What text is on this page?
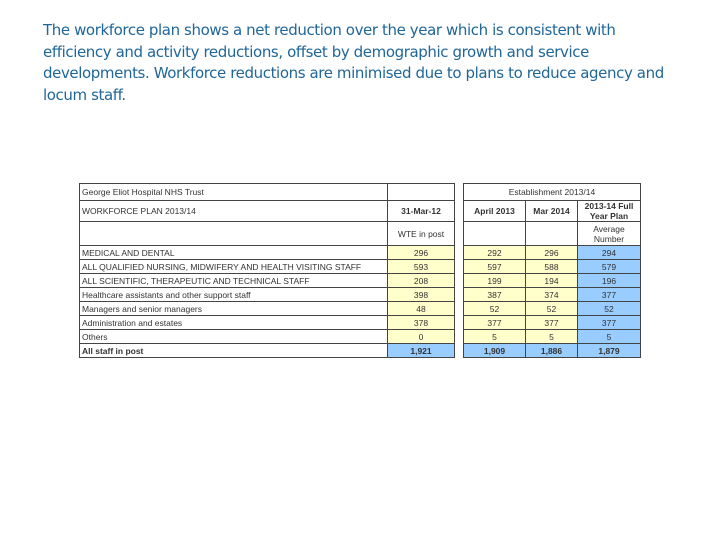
The workforce plan shows a net reduction over the year which is consistent with efficiency and activity reductions, offset by demographic growth and service developments. Workforce reductions are minimised due to plans to reduce agency and locum staff.
George Eliot Hospital NHS Trust			Establishment 2013/14		
WORKFORCE PLAN 2013/14	31-Mar-12		April 2013	Mar 2014	2013-14 Full Year Plan
	WTE in post				Average Number
MEDICAL AND DENTAL	296		292	296	294
ALL QUALIFIED NURSING, MIDWIFERY AND HEALTH VISITING STAFF	593		597	588	579
ALL SCIENTIFIC, THERAPEUTIC AND TECHNICAL STAFF	208		199	194	196
Healthcare assistants and other support staff	398		387	374	377
Managers and senior managers	48		52	52	52
Administration and estates	378		377	377	377
Others	0		5	5	5
All staff in post	1,921		1,909	1,886	1,879
